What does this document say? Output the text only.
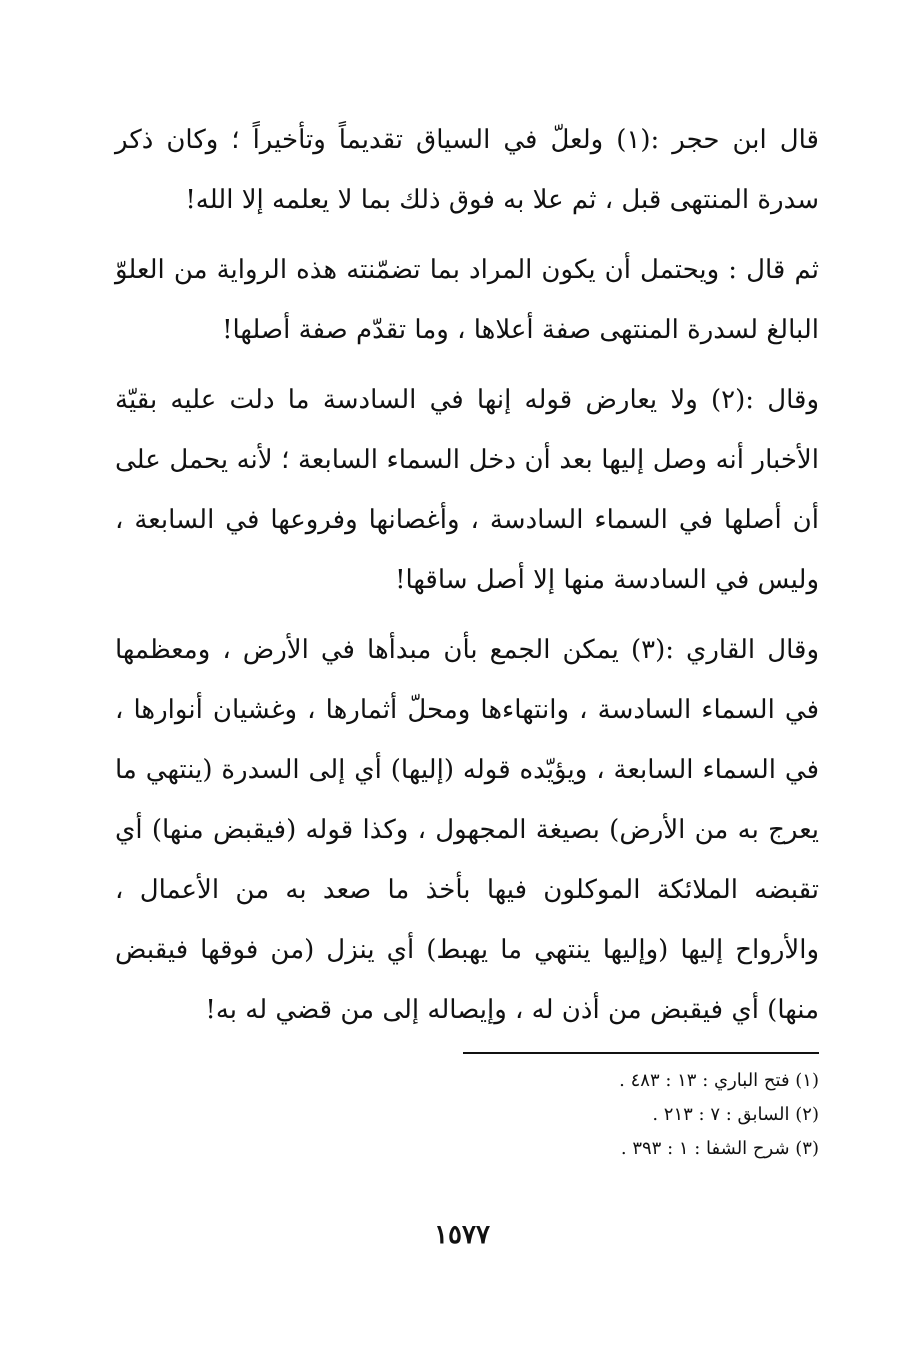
قال ابن حجر :(١) ولعلّ في السياق تقديماً وتأخيراً ؛ وكان ذكر سدرة المنتهى قبل ، ثم علا به فوق ذلك بما لا يعلمه إلا الله!

ثم قال : ويحتمل أن يكون المراد بما تضمّنته هذه الرواية من العلوّ البالغ لسدرة المنتهى صفة أعلاها ، وما تقدّم صفة أصلها!

وقال :(٢) ولا يعارض قوله إنها في السادسة ما دلت عليه بقيّة الأخبار أنه وصل إليها بعد أن دخل السماء السابعة ؛ لأنه يحمل على أن أصلها في السماء السادسة ، وأغصانها وفروعها في السابعة ، وليس في السادسة منها إلا أصل ساقها!

وقال القاري :(٣) يمكن الجمع بأن مبدأها في الأرض ، ومعظمها في السماء السادسة ، وانتهاءها ومحلّ أثمارها ، وغشيان أنوارها ، في السماء السابعة ، ويؤيّده قوله (إليها) أي إلى السدرة (ينتهي ما يعرج به من الأرض) بصيغة المجهول ، وكذا قوله (فيقبض منها) أي تقبضه الملائكة الموكلون فيها بأخذ ما صعد به من الأعمال ، والأرواح إليها (وإليها ينتهي ما يهبط) أي ينزل (من فوقها فيقبض منها) أي فيقبض من أذن له ، وإيصاله إلى من قضي له به!

(١) فتح الباري : ١٣ : ٤٨٣ .

(٢) السابق : ٧ : ٢١٣ .

(٣) شرح الشفا : ١ : ٣٩٣ .

١٥٧٧
